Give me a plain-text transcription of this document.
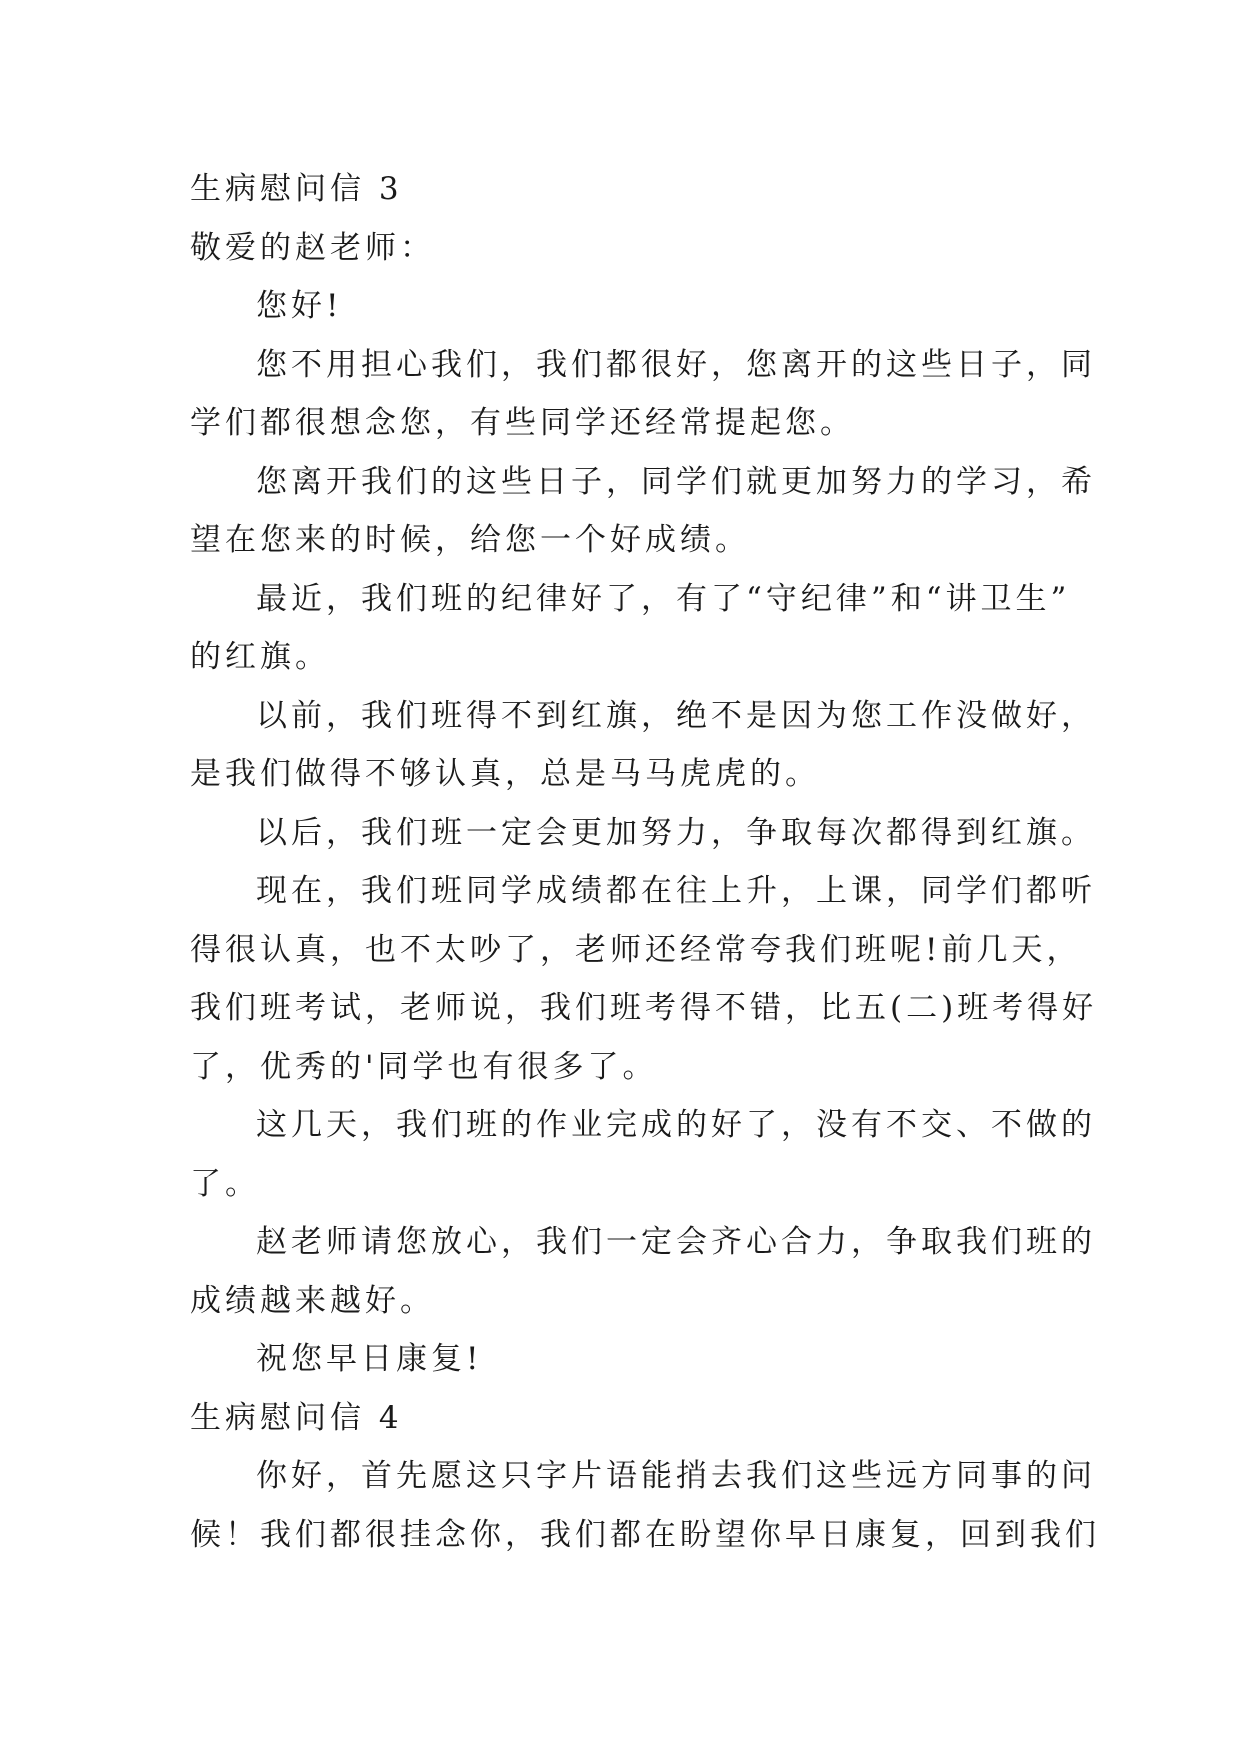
生病慰问信 3
敬爱的赵老师：
您好!
您不用担心我们，我们都很好，您离开的这些日子，同
学们都很想念您，有些同学还经常提起您。
您离开我们的这些日子，同学们就更加努力的学习，希
望在您来的时候，给您一个好成绩。
最近，我们班的纪律好了，有了“守纪律”和“讲卫生”
的红旗。
以前，我们班得不到红旗，绝不是因为您工作没做好，
是我们做得不够认真，总是马马虎虎的。
以后，我们班一定会更加努力，争取每次都得到红旗。
现在，我们班同学成绩都在往上升，上课，同学们都听
得很认真，也不太吵了，老师还经常夸我们班呢!前几天，
我们班考试，老师说，我们班考得不错，比五(二)班考得好
了，优秀的'同学也有很多了。
这几天，我们班的作业完成的好了，没有不交、不做的
了。
赵老师请您放心，我们一定会齐心合力，争取我们班的
成绩越来越好。
祝您早日康复!
生病慰问信 4
你好，首先愿这只字片语能捎去我们这些远方同事的问
候！我们都很挂念你，我们都在盼望你早日康复，回到我们
